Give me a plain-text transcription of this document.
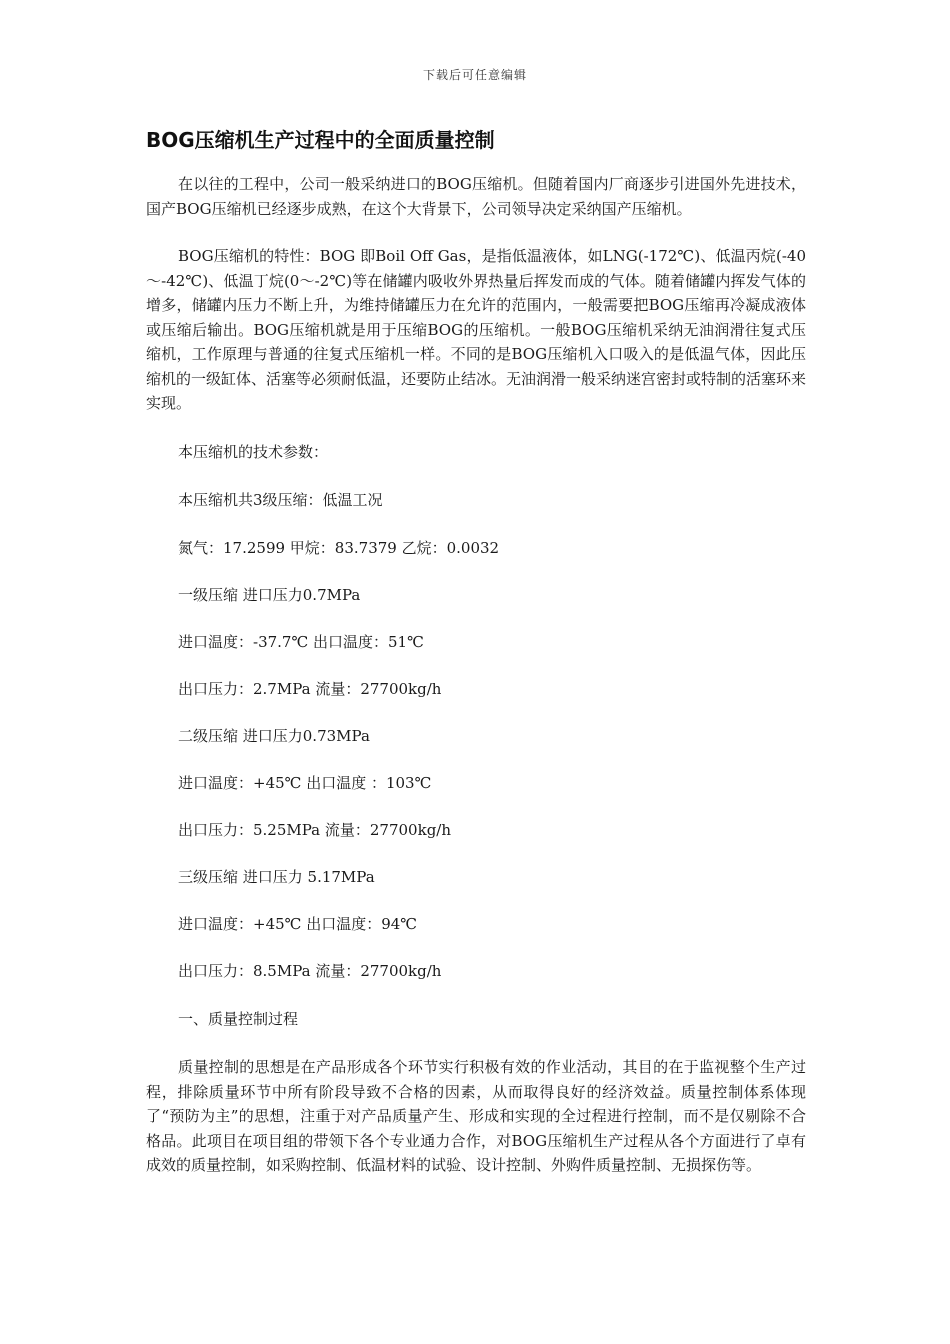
下载后可任意编辑
BOG压缩机生产过程中的全面质量控制

在以往的工程中，公司一般采纳进口的BOG压缩机。但随着国内厂商逐步引进国外先进技术，国产BOG压缩机已经逐步成熟，在这个大背景下，公司领导决定采纳国产压缩机。

BOG压缩机的特性：BOG 即Boil Off Gas，是指低温液体，如LNG(-172℃)、低温丙烷(-40～-42℃)、低温丁烷(0～-2℃)等在储罐内吸收外界热量后挥发而成的气体。随着储罐内挥发气体的增多，储罐内压力不断上升，为维持储罐压力在允许的范围内，一般需要把BOG压缩再冷凝成液体或压缩后输出。BOG压缩机就是用于压缩BOG的压缩机。一般BOG压缩机采纳无油润滑往复式压缩机，工作原理与普通的往复式压缩机一样。不同的是BOG压缩机入口吸入的是低温气体，因此压缩机的一级缸体、活塞等必须耐低温，还要防止结冰。无油润滑一般采纳迷宫密封或特制的活塞环来实现。

本压缩机的技术参数：

本压缩机共3级压缩：低温工况

氮气：17.2599 甲烷：83.7379 乙烷：0.0032

一级压缩 进口压力0.7MPa

进口温度：-37.7℃ 出口温度：51℃

出口压力：2.7MPa 流量：27700kg/h

二级压缩 进口压力0.73MPa

进口温度：+45℃ 出口温度 ：103℃

出口压力：5.25MPa 流量：27700kg/h

三级压缩 进口压力 5.17MPa

进口温度：+45℃ 出口温度：94℃

出口压力：8.5MPa 流量：27700kg/h

一、质量控制过程

质量控制的思想是在产品形成各个环节实行积极有效的作业活动，其目的在于监视整个生产过程，排除质量环节中所有阶段导致不合格的因素，从而取得良好的经济效益。质量控制体系体现了“预防为主”的思想，注重于对产品质量产生、形成和实现的全过程进行控制，而不是仅剔除不合格品。此项目在项目组的带领下各个专业通力合作，对BOG压缩机生产过程从各个方面进行了卓有成效的质量控制，如采购控制、低温材料的试验、设计控制、外购件质量控制、无损探伤等。
